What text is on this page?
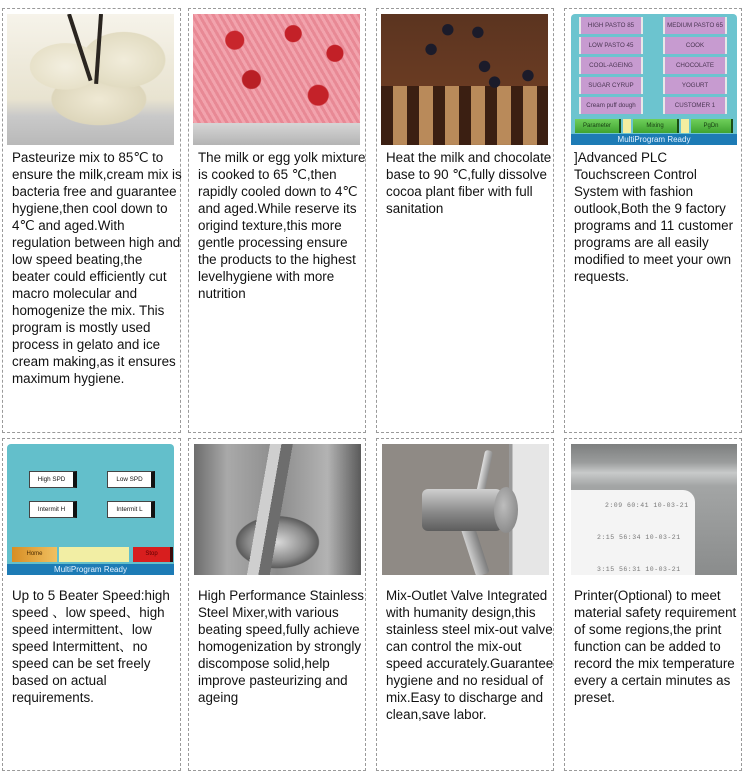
Pasteurize mix to 85℃ to ensure the milk,cream mix is bacteria free and guarantee hygiene,then cool down to 4℃ and aged.With regulation between high and low speed beating,the beater could efficiently cut macro molecular and homogenize the mix. This program is mostly used process in gelato and ice cream making,as it ensures maximum hygiene.
The milk or egg yolk mixture is cooked to 65 ℃,then rapidly cooled down to 4℃ and aged.While reserve its origind texture,this more gentle processing ensure the products to the highest levelhygiene with more nutrition
Heat the milk and chocolate base to 90 ℃,fully dissolve cocoa plant fiber with full sanitation
HIGH PASTO 85	MEDIUM PASTO 65
LOW PASTO 45	COOK
COOL-AGEING	CHOCOLATE
SUGAR CYRUP	YOGURT
Cream puff dough	CUSTOMER 1
Parameter	Mixing	PgDn
MultiProgram Ready
]Advanced PLC Touchscreen Control System with fashion outlook,Both the 9 factory programs and 11 customer programs are all easily modified to meet your own requests.
High SPD	Low SPD
Intermit H	Intermit L
Home	Stop
MultiProgram Ready
Up to 5 Beater Speed:high speed 、low speed、high speed intermittent、low speed Intermittent、no speed can be set freely based on actual requirements.
High Performance Stainless Steel Mixer,with various beating speed,fully achieve homogenization by strongly discompose solid,help improve pasteurizing and ageing
Mix-Outlet Valve Integrated with humanity design,this stainless steel mix-out valve can control the mix-out speed accurately.Guarantee hygiene and no residual of mix.Easy to discharge and clean,save labor.
2:09 60:41 10-03-21
2:15 56:34 10-03-21
3:15 56:31 10-03-21
Printer(Optional) to meet material safety requirement of some regions,the print function can be added to record the mix temperature every a certain minutes as preset.
